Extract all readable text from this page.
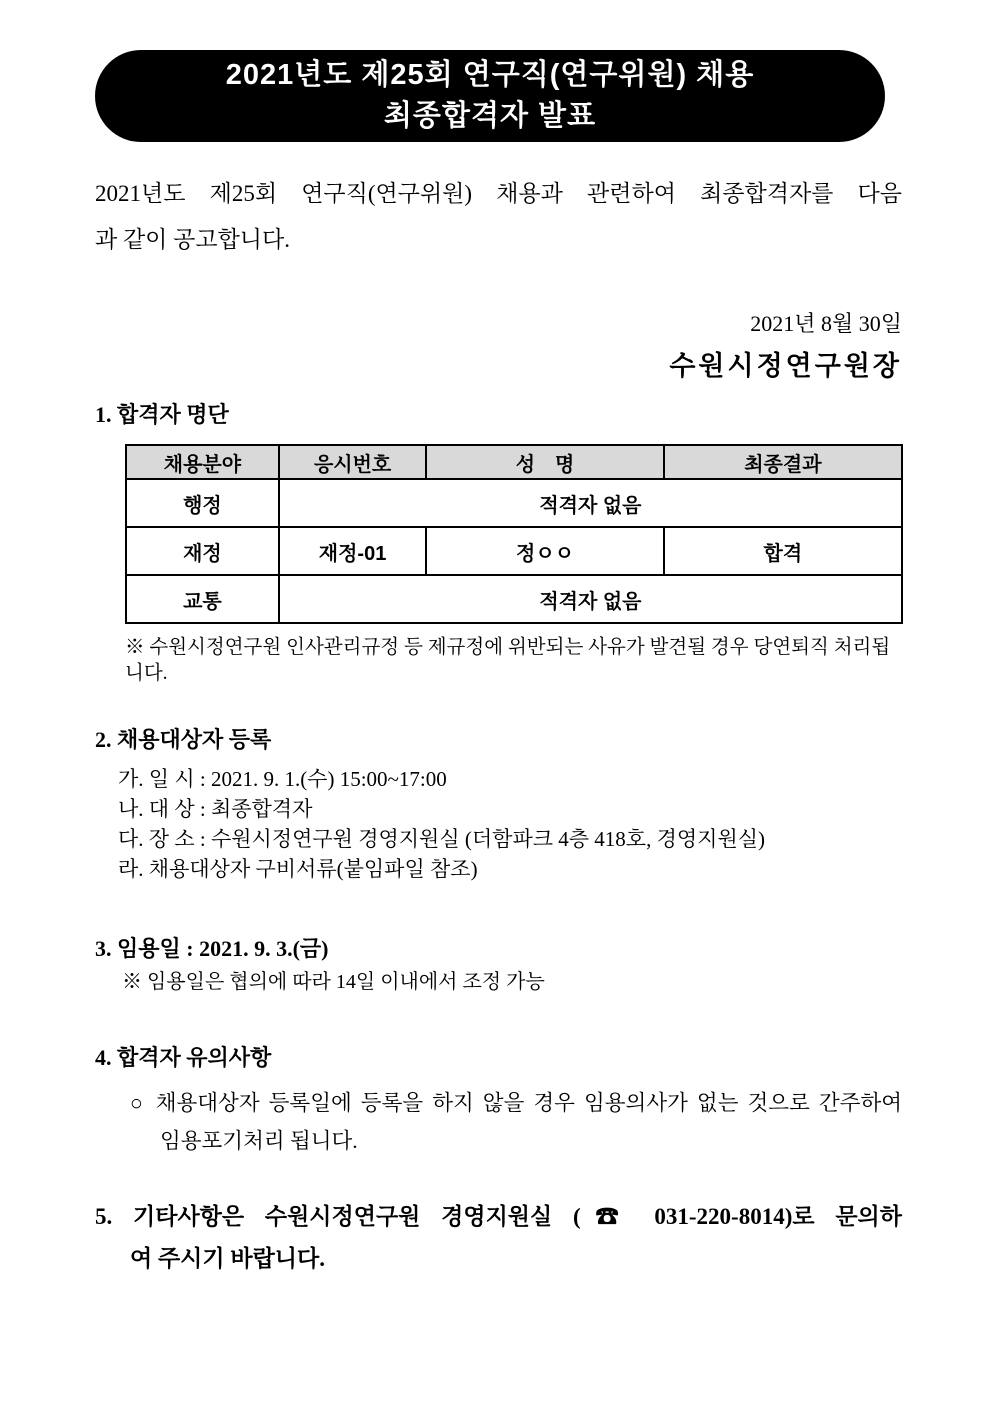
2021년도 제25회 연구직(연구위원) 채용
최종합격자 발표
2021년도 제25회 연구직(연구위원) 채용과 관련하여 최종합격자를 다음
과 같이 공고합니다.
2021년 8월 30일
수원시정연구원장
1. 합격자 명단
채용분야	응시번호	성　명	최종결과
행정	적격자 없음		
재정	재정-01	정ㅇㅇ	합격
교통	적격자 없음		
※ 수원시정연구원 인사관리규정 등 제규정에 위반되는 사유가 발견될 경우 당연퇴직 처리됩니다.
2. 채용대상자 등록
가. 일 시 : 2021. 9. 1.(수) 15:00~17:00
나. 대 상 : 최종합격자
다. 장 소 : 수원시정연구원 경영지원실 (더함파크 4층 418호, 경영지원실)
라. 채용대상자 구비서류(붙임파일 참조)
3. 임용일 : 2021. 9. 3.(금)
※ 임용일은 협의에 따라 14일 이내에서 조정 가능
4. 합격자 유의사항
○ 채용대상자 등록일에 등록을 하지 않을 경우 임용의사가 없는 것으로 간주하여
임용포기처리 됩니다.
5. 기타사항은 수원시정연구원 경영지원실 (☎ 031-220-8014)로 문의하
여 주시기 바랍니다.
